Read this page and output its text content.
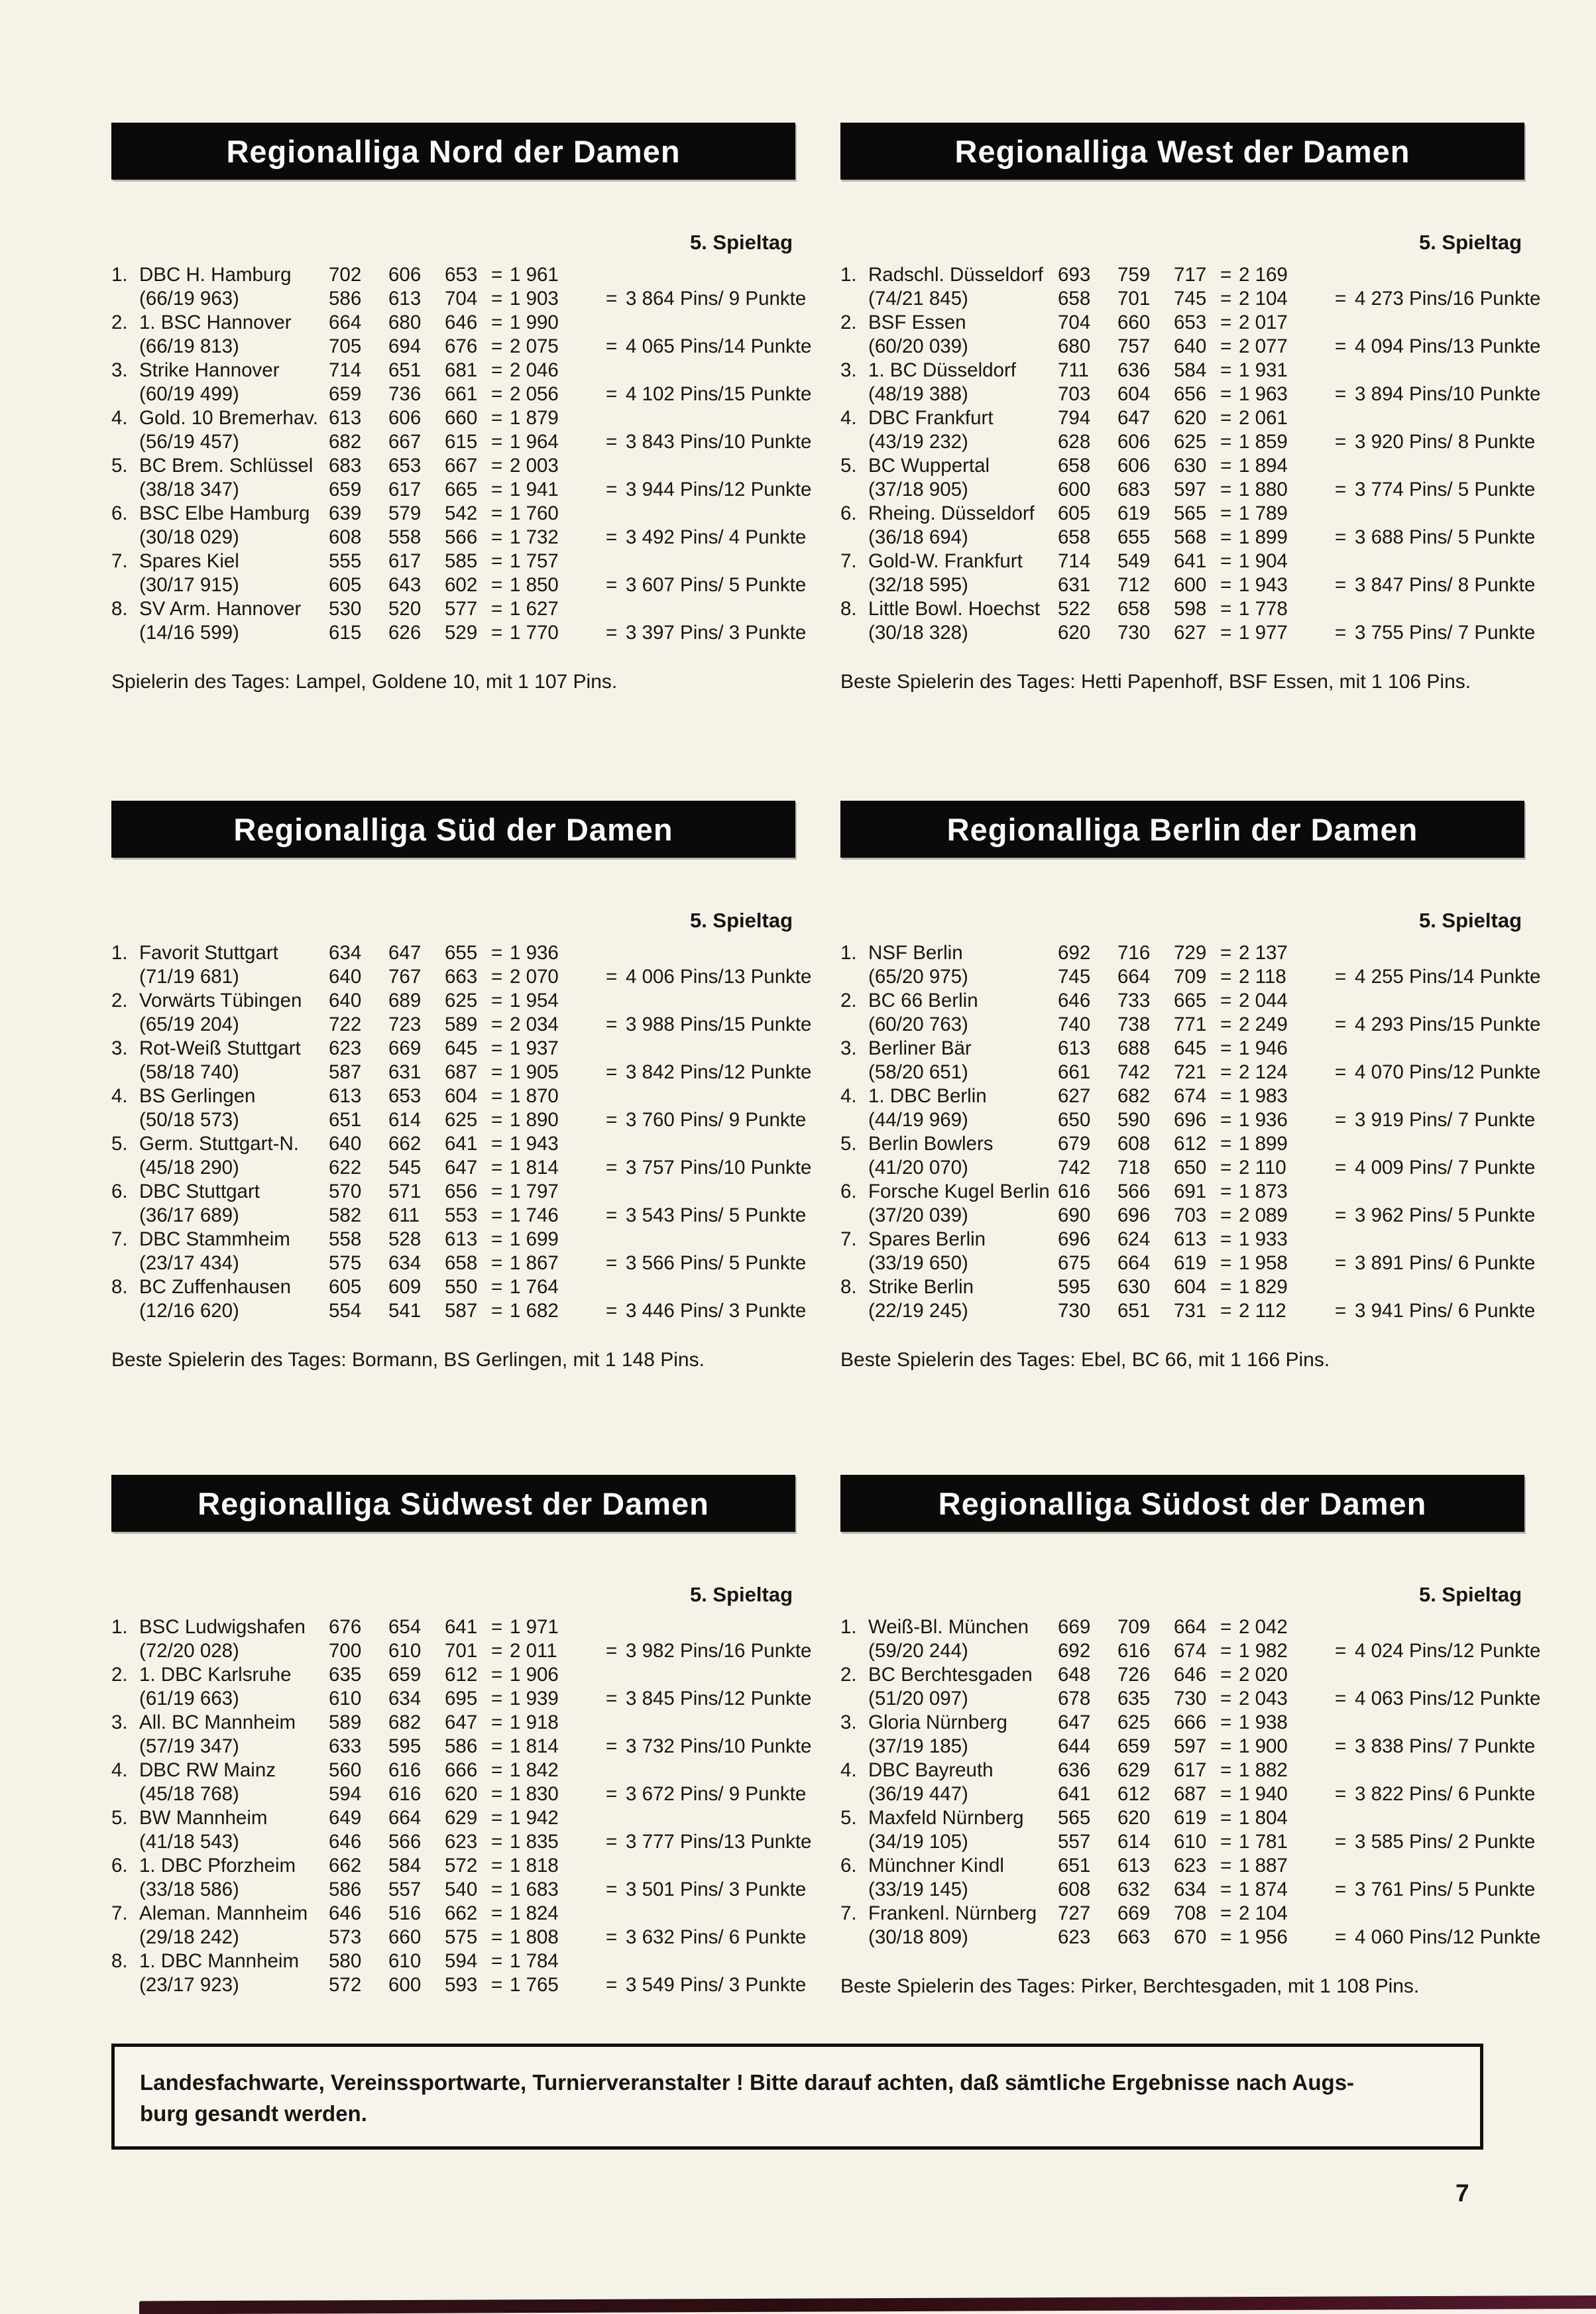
Regionalliga Nord der Damen
5. Spieltag
1. DBC H. Hamburg	702	606	653 = 1 961
(66/19 963)	586	613	704 = 1 903	= 3 864 Pins/ 9 Punkte
2. 1. BSC Hannover	664	680	646 = 1 990
(66/19 813)	705	694	676 = 2 075	= 4 065 Pins/14 Punkte
3. Strike Hannover	714	651	681 = 2 046
(60/19 499)	659	736	661 = 2 056	= 4 102 Pins/15 Punkte
4. Gold. 10 Bremerhav. 613	606	660 = 1 879
(56/19 457)	682	667	615 = 1 964	= 3 843 Pins/10 Punkte
5. BC Brem. Schlüssel 683	653	667 = 2 003
(38/18 347)	659	617	665 = 1 941	= 3 944 Pins/12 Punkte
6. BSC Elbe Hamburg 639	579	542 = 1 760
(30/18 029)	608	558	566 = 1 732	= 3 492 Pins/ 4 Punkte
7. Spares Kiel	555	617	585 = 1 757
(30/17 915)	605	643	602 = 1 850	= 3 607 Pins/ 5 Punkte
8. SV Arm. Hannover	530	520	577 = 1 627
(14/16 599)	615	626	529 = 1 770	= 3 397 Pins/ 3 Punkte
Spielerin des Tages: Lampel, Goldene 10, mit 1 107 Pins.
Regionalliga West der Damen
5. Spieltag
1. Radschl. Düsseldorf 693	759	717 = 2 169
(74/21 845)	658	701	745 = 2 104	= 4 273 Pins/16 Punkte
2. BSF Essen	704	660	653 = 2 017
(60/20 039)	680	757	640 = 2 077	= 4 094 Pins/13 Punkte
3. 1. BC Düsseldorf	711	636	584 = 1 931
(48/19 388)	703	604	656 = 1 963	= 3 894 Pins/10 Punkte
4. DBC Frankfurt	794	647	620 = 2 061
(43/19 232)	628	606	625 = 1 859	= 3 920 Pins/ 8 Punkte
5. BC Wuppertal	658	606	630 = 1 894
(37/18 905)	600	683	597 = 1 880	= 3 774 Pins/ 5 Punkte
6. Rheing. Düsseldorf	605	619	565 = 1 789
(36/18 694)	658	655	568 = 1 899	= 3 688 Pins/ 5 Punkte
7. Gold-W. Frankfurt	714	549	641 = 1 904
(32/18 595)	631	712	600 = 1 943	= 3 847 Pins/ 8 Punkte
8. Little Bowl. Hoechst 522	658	598 = 1 778
(30/18 328)	620	730	627 = 1 977	= 3 755 Pins/ 7 Punkte
Beste Spielerin des Tages: Hetti Papenhoff, BSF Essen, mit 1 106 Pins.
Regionalliga Süd der Damen
5. Spieltag
1. Favorit Stuttgart	634	647	655 = 1 936
(71/19 681)	640	767	663 = 2 070	= 4 006 Pins/13 Punkte
2. Vorwärts Tübingen	640	689	625 = 1 954
(65/19 204)	722	723	589 = 2 034	= 3 988 Pins/15 Punkte
3. Rot-Weiß Stuttgart	623	669	645 = 1 937
(58/18 740)	587	631	687 = 1 905	= 3 842 Pins/12 Punkte
4. BS Gerlingen	613	653	604 = 1 870
(50/18 573)	651	614	625 = 1 890	= 3 760 Pins/ 9 Punkte
5. Germ. Stuttgart-N.	640	662	641 = 1 943
(45/18 290)	622	545	647 = 1 814	= 3 757 Pins/10 Punkte
6. DBC Stuttgart	570	571	656 = 1 797
(36/17 689)	582	611	553 = 1 746	= 3 543 Pins/ 5 Punkte
7. DBC Stammheim	558	528	613 = 1 699
(23/17 434)	575	634	658 = 1 867	= 3 566 Pins/ 5 Punkte
8. BC Zuffenhausen	605	609	550 = 1 764
(12/16 620)	554	541	587 = 1 682	= 3 446 Pins/ 3 Punkte
Beste Spielerin des Tages: Bormann, BS Gerlingen, mit 1 148 Pins.
Regionalliga Berlin der Damen
5. Spieltag
1. NSF Berlin	692	716	729 = 2 137
(65/20 975)	745	664	709 = 2 118	= 4 255 Pins/14 Punkte
2. BC 66 Berlin	646	733	665 = 2 044
(60/20 763)	740	738	771 = 2 249	= 4 293 Pins/15 Punkte
3. Berliner Bär	613	688	645 = 1 946
(58/20 651)	661	742	721 = 2 124	= 4 070 Pins/12 Punkte
4. 1. DBC Berlin	627	682	674 = 1 983
(44/19 969)	650	590	696 = 1 936	= 3 919 Pins/ 7 Punkte
5. Berlin Bowlers	679	608	612 = 1 899
(41/20 070)	742	718	650 = 2 110	= 4 009 Pins/ 7 Punkte
6. Forsche Kugel Berlin 616	566	691 = 1 873
(37/20 039)	690	696	703 = 2 089	= 3 962 Pins/ 5 Punkte
7. Spares Berlin	696	624	613 = 1 933
(33/19 650)	675	664	619 = 1 958	= 3 891 Pins/ 6 Punkte
8. Strike Berlin	595	630	604 = 1 829
(22/19 245)	730	651	731 = 2 112	= 3 941 Pins/ 6 Punkte
Beste Spielerin des Tages: Ebel, BC 66, mit 1 166 Pins.
Regionalliga Südwest der Damen
5. Spieltag
1. BSC Ludwigshafen	676	654	641 = 1 971
(72/20 028)	700	610	701 = 2 011	= 3 982 Pins/16 Punkte
2. 1. DBC Karlsruhe	635	659	612 = 1 906
(61/19 663)	610	634	695 = 1 939	= 3 845 Pins/12 Punkte
3. All. BC Mannheim	589	682	647 = 1 918
(57/19 347)	633	595	586 = 1 814	= 3 732 Pins/10 Punkte
4. DBC RW Mainz	560	616	666 = 1 842
(45/18 768)	594	616	620 = 1 830	= 3 672 Pins/ 9 Punkte
5. BW Mannheim	649	664	629 = 1 942
(41/18 543)	646	566	623 = 1 835	= 3 777 Pins/13 Punkte
6. 1. DBC Pforzheim	662	584	572 = 1 818
(33/18 586)	586	557	540 = 1 683	= 3 501 Pins/ 3 Punkte
7. Aleman. Mannheim	646	516	662 = 1 824
(29/18 242)	573	660	575 = 1 808	= 3 632 Pins/ 6 Punkte
8. 1. DBC Mannheim	580	610	594 = 1 784
(23/17 923)	572	600	593 = 1 765	= 3 549 Pins/ 3 Punkte
Regionalliga Südost der Damen
5. Spieltag
1. Weiß-Bl. München	669	709	664 = 2 042
(59/20 244)	692	616	674 = 1 982	= 4 024 Pins/12 Punkte
2. BC Berchtesgaden	648	726	646 = 2 020
(51/20 097)	678	635	730 = 2 043	= 4 063 Pins/12 Punkte
3. Gloria Nürnberg	647	625	666 = 1 938
(37/19 185)	644	659	597 = 1 900	= 3 838 Pins/ 7 Punkte
4. DBC Bayreuth	636	629	617 = 1 882
(36/19 447)	641	612	687 = 1 940	= 3 822 Pins/ 6 Punkte
5. Maxfeld Nürnberg	565	620	619 = 1 804
(34/19 105)	557	614	610 = 1 781	= 3 585 Pins/ 2 Punkte
6. Münchner Kindl	651	613	623 = 1 887
(33/19 145)	608	632	634 = 1 874	= 3 761 Pins/ 5 Punkte
7. Frankenl. Nürnberg	727	669	708 = 2 104
(30/18 809)	623	663	670 = 1 956	= 4 060 Pins/12 Punkte
Beste Spielerin des Tages: Pirker, Berchtesgaden, mit 1 108 Pins.
Landesfachwarte, Vereinssportwarte, Turnierveranstalter ! Bitte darauf achten, daß sämtliche Ergebnisse nach Augs-
burg gesandt werden.
7
